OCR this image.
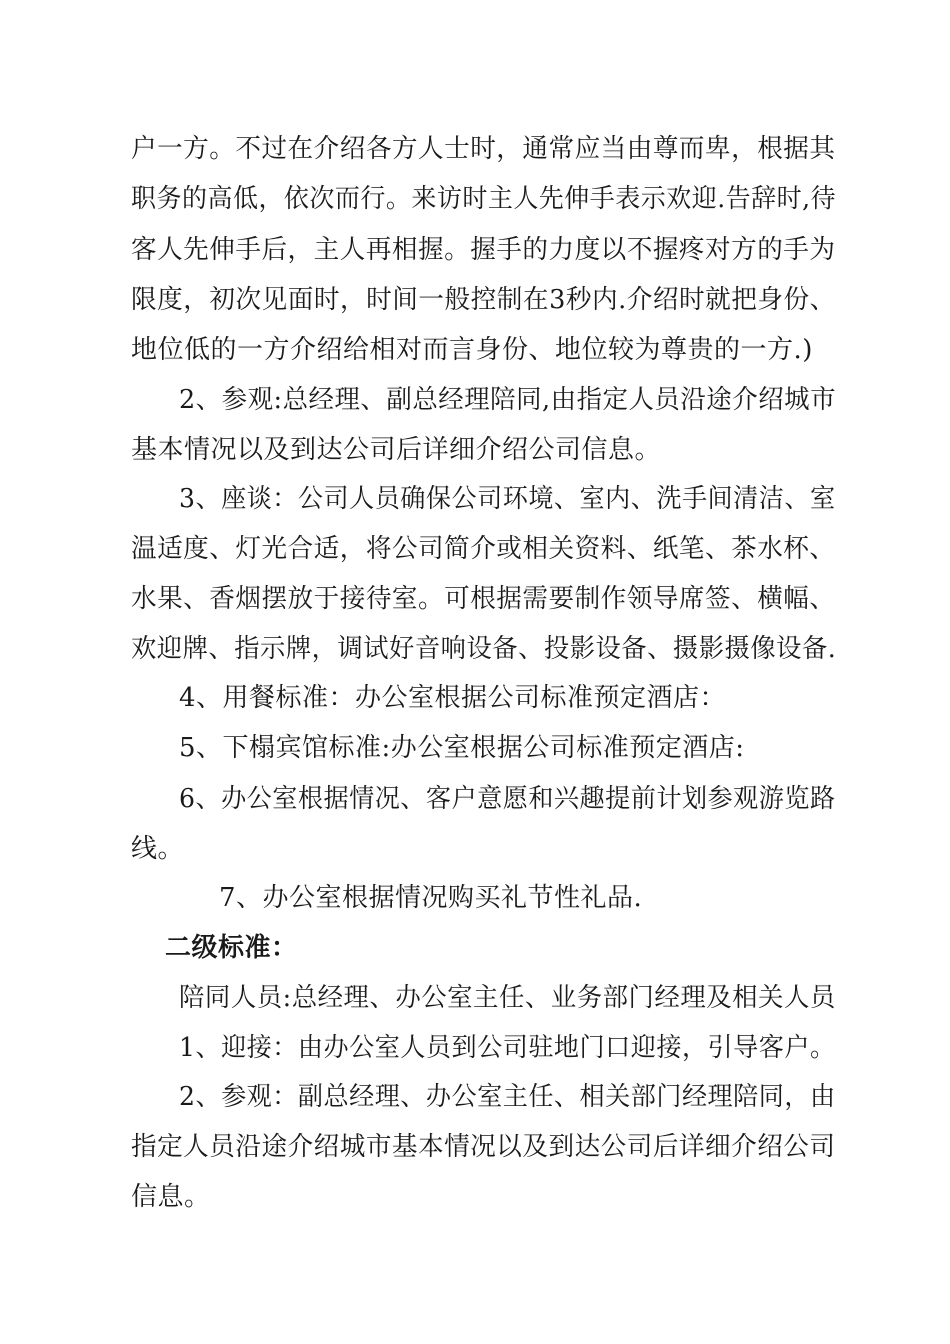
户一方。不过在介绍各方人士时，通常应当由尊而卑，根据其
职务的高低，依次而行。来访时主人先伸手表示欢迎.告辞时,待
客人先伸手后，主人再相握。握手的力度以不握疼对方的手为
限度，初次见面时，时间一般控制在3秒内.介绍时就把身份、
地位低的一方介绍给相对而言身份、地位较为尊贵的一方.)
2、参观:总经理、副总经理陪同,由指定人员沿途介绍城市
基本情况以及到达公司后详细介绍公司信息。
3、座谈：公司人员确保公司环境、室内、洗手间清洁、室
温适度、灯光合适，将公司简介或相关资料、纸笔、茶水杯、
水果、香烟摆放于接待室。可根据需要制作领导席签、横幅、
欢迎牌、指示牌，调试好音响设备、投影设备、摄影摄像设备.
4、用餐标准：办公室根据公司标准预定酒店：
5、下榻宾馆标准:办公室根据公司标准预定酒店:
6、办公室根据情况、客户意愿和兴趣提前计划参观游览路
线。
7、办公室根据情况购买礼节性礼品.
二级标准：
陪同人员:总经理、办公室主任、业务部门经理及相关人员
1、迎接：由办公室人员到公司驻地门口迎接，引导客户。
2、参观：副总经理、办公室主任、相关部门经理陪同，由
指定人员沿途介绍城市基本情况以及到达公司后详细介绍公司
信息。
